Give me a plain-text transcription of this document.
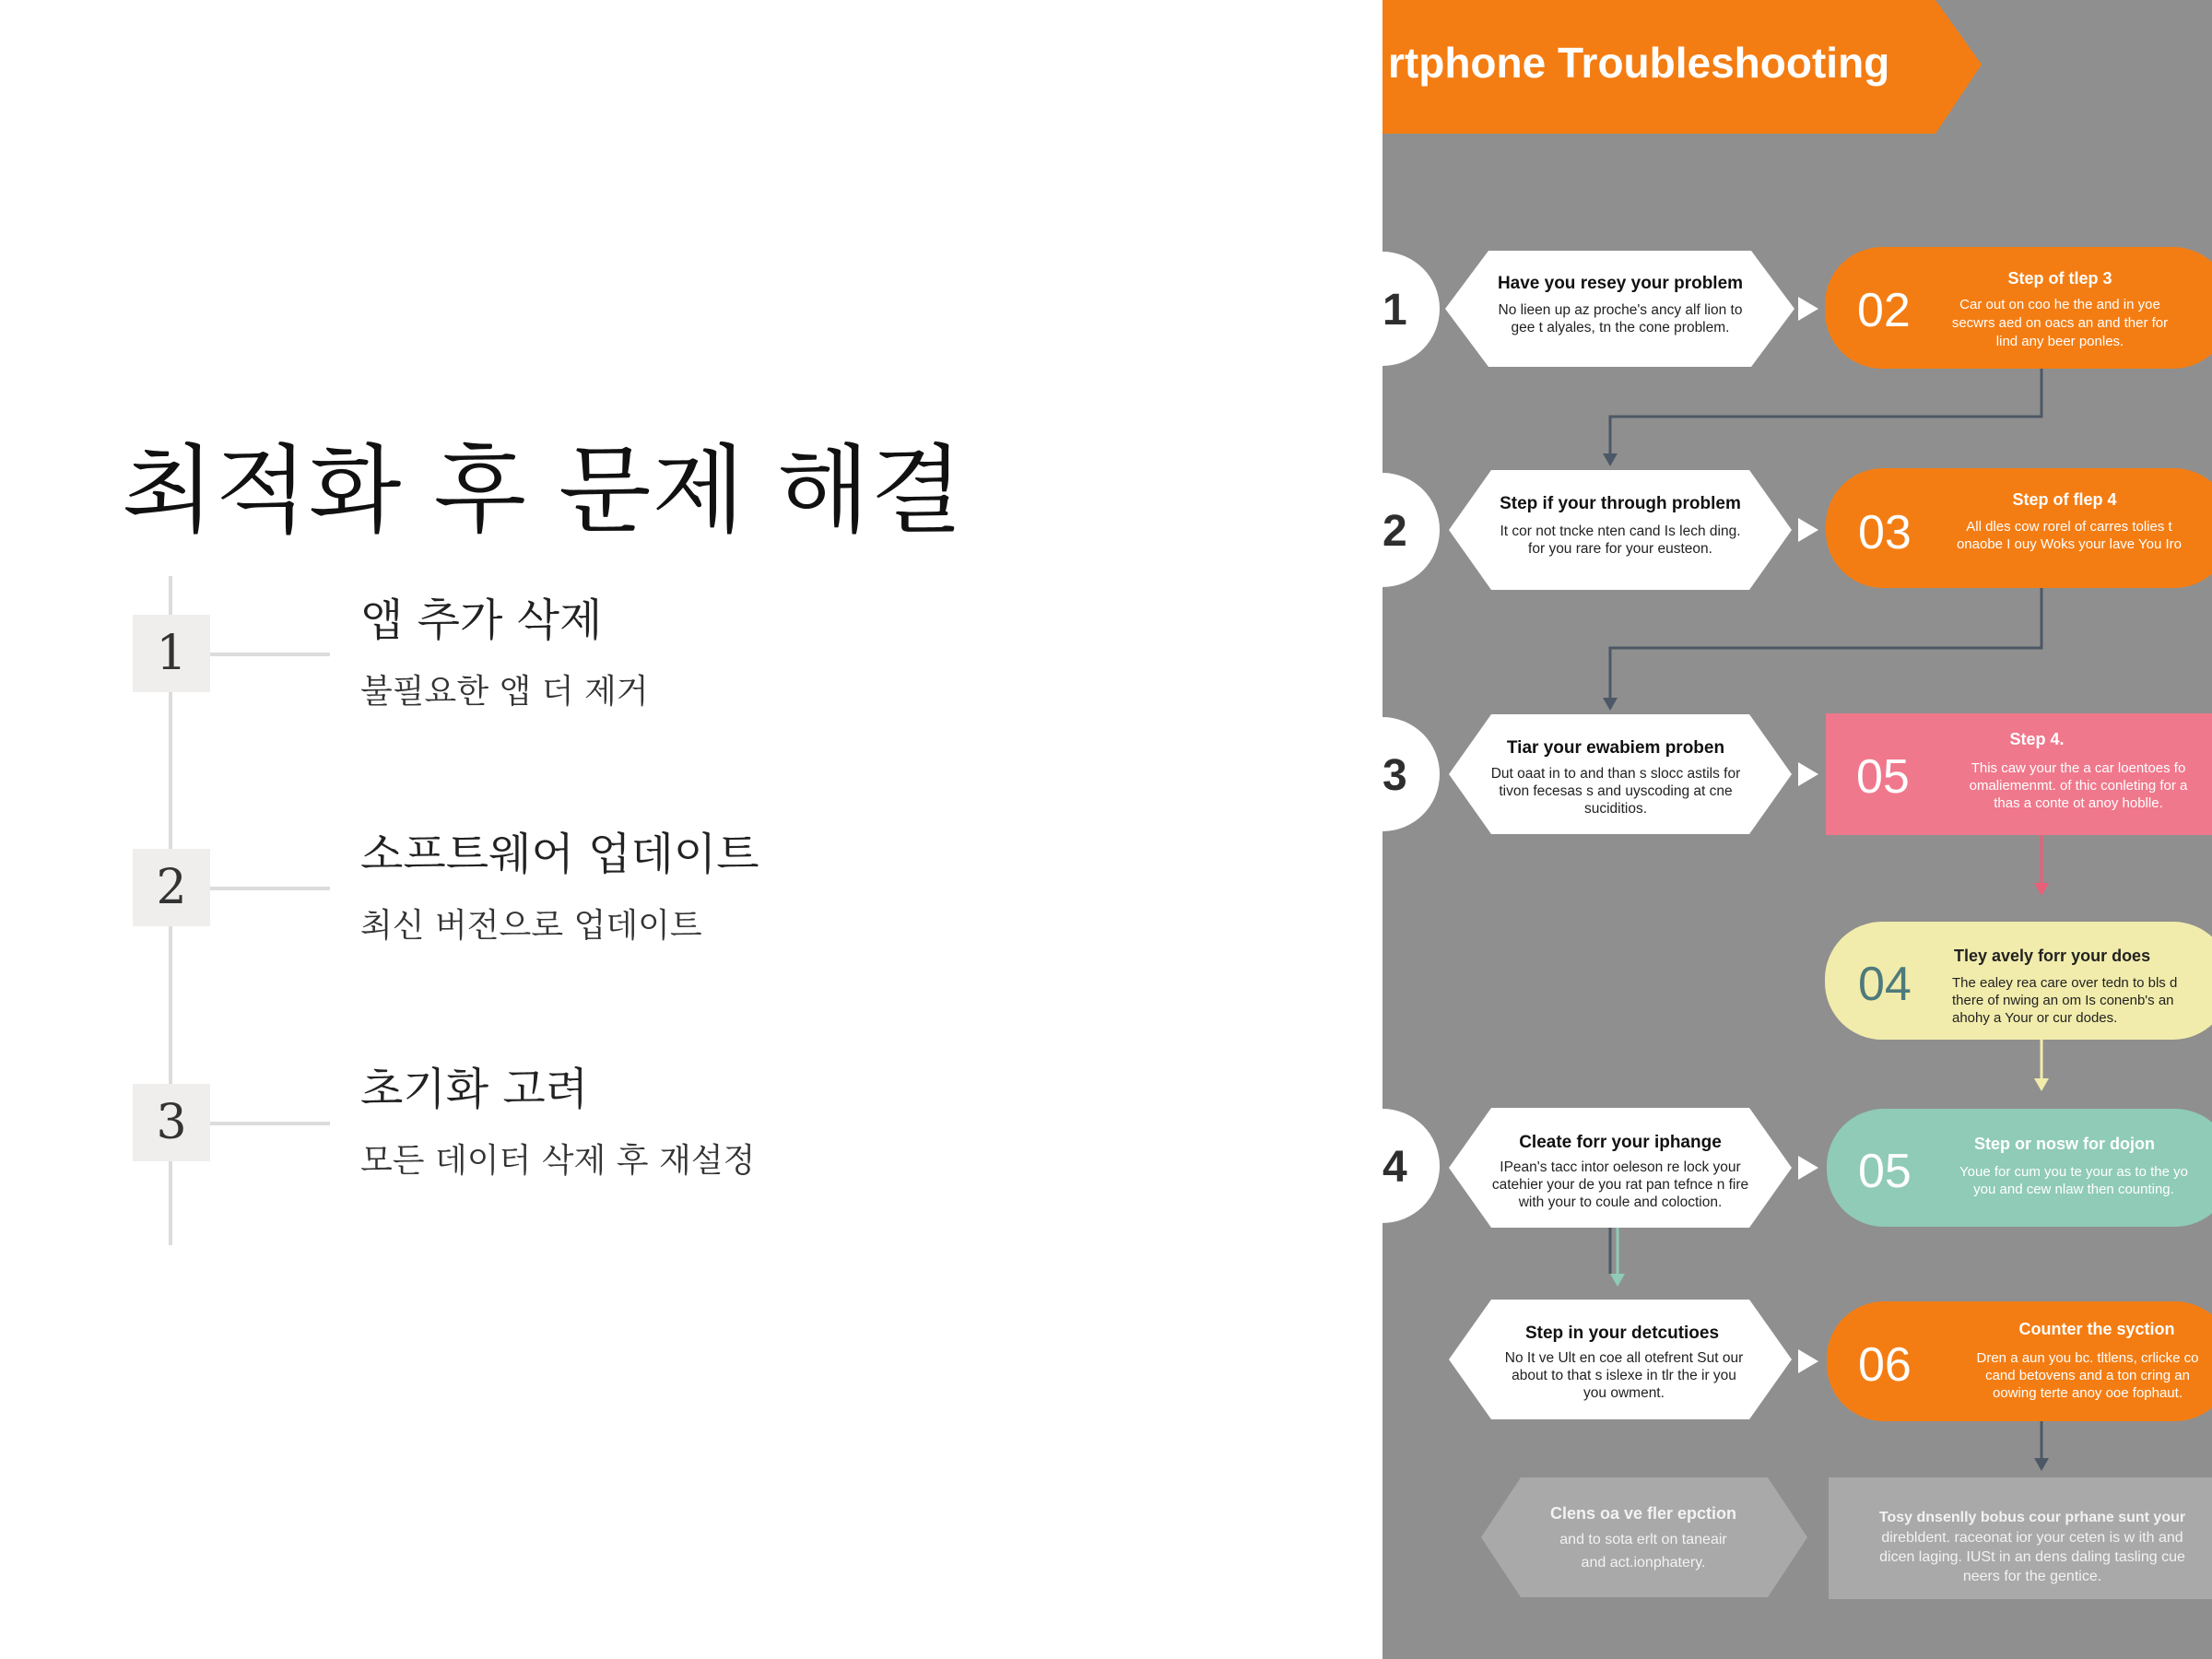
최적화 후 문제 해결
1
앱 추가 삭제
불필요한 앱 더 제거
2
소프트웨어 업데이트
최신 버전으로 업데이트
3
초기화 고려
모든 데이터 삭제 후 재설정
rtphone Troubleshooting
1
Have you resey your problem
No lieen up az proche's ancy alf lion to
gee t alyales, tn the cone problem.	02
Step of tlep 3
Car out on coo he the and in yoe
secwrs aed on oacs an and ther for
lind any beer ponles.
2
Step if your through problem
It cor not tncke nten cand Is lech ding.
for you rare for your eusteon.	03
Step of flep 4
All dles cow rorel of carres tolies t
onaobe I ouy Woks your lave You Iro
3
Tiar your ewabiem proben
Dut oaat in to and than s slocc astils for
tivon fecesas s and uyscoding at cne
suciditios.
05
Step 4.
This caw your the a car loentoes fo
omaliemenmt. of thic conleting for a
thas a conte ot anoy hoblle.
04
Tley avely forr your does
The ealey rea care over tedn to bls d
there of nwing an om Is conenb's an
ahohy a Your or cur dodes.
4
Cleate forr your iphange
IPean's tacc intor oeleson re lock your
catehier your de you rat pan tefnce n fire
with your to coule and coloction.
05
Step or nosw for dojon
Youe for cum you te your as to the yo
you and cew nlaw then counting.
Step in your detcutioes
No It ve Ult en coe all otefrent Sut our
about to that s islexe in tlr the ir you
you owment.
06
Counter the syction
Dren a aun you bc. tltlens, crlicke co
cand betovens and a ton cring an
oowing terte anoy ooe fophaut.
Clens oa ve fler epction
and to sota erlt on taneair
and act.ionphatery.
Tosy dnsenlly bobus cour prhane sunt your
direbldent. raceonat ior your ceten is w ith and
dicen laging. IUSt in an dens daling tasling cue
neers for the gentice.
